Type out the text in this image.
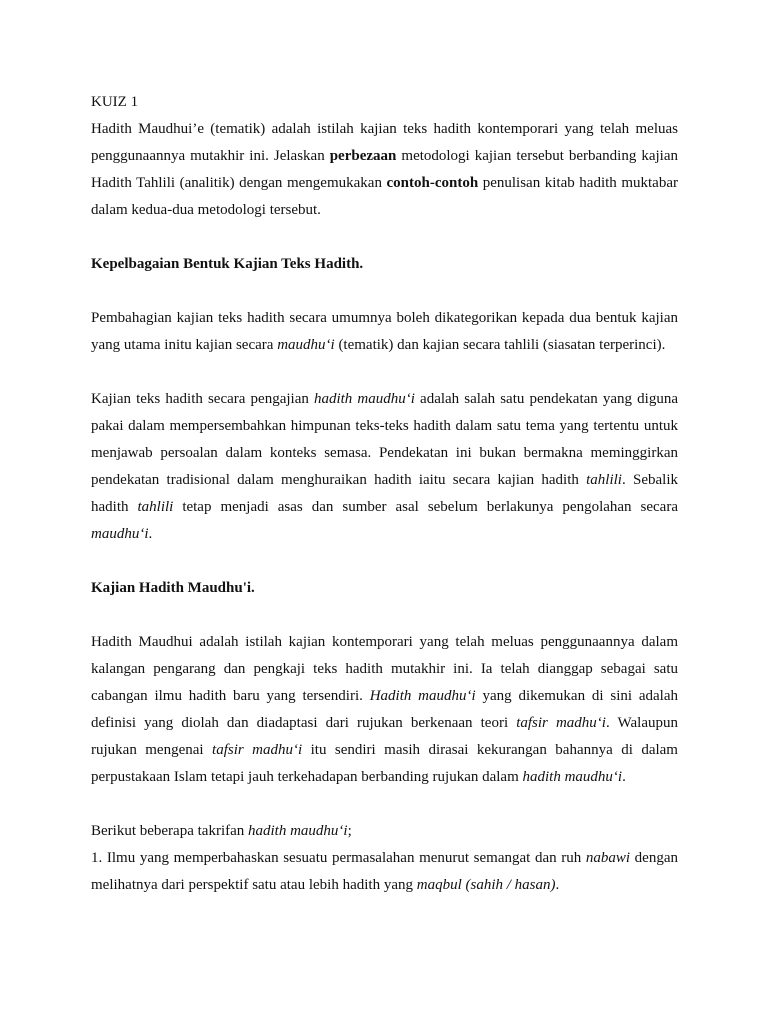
KUIZ 1

Hadith Maudhui’e (tematik) adalah istilah kajian teks hadith kontemporari yang telah meluas penggunaannya mutakhir ini. Jelaskan perbezaan metodologi kajian tersebut berbanding kajian Hadith Tahlili (analitik) dengan mengemukakan contoh-contoh penulisan kitab hadith muktabar dalam kedua-dua metodologi tersebut.

Kepelbagaian Bentuk Kajian Teks Hadith.

Pembahagian kajian teks hadith secara umumnya boleh dikategorikan kepada dua bentuk kajian yang utama initu kajian secara maudhu‘i (tematik) dan kajian secara tahlili (siasatan terperinci).

Kajian teks hadith secara pengajian hadith maudhu‘i adalah salah satu pendekatan yang diguna pakai dalam mempersembahkan himpunan teks-teks hadith dalam satu tema yang tertentu untuk menjawab persoalan dalam konteks semasa. Pendekatan ini bukan bermakna meminggirkan pendekatan tradisional dalam menghuraikan hadith iaitu secara kajian hadith tahlili. Sebalik hadith tahlili tetap menjadi asas dan sumber asal sebelum berlakunya pengolahan secara maudhu‘i.

Kajian Hadith Maudhu'i.

Hadith Maudhui adalah istilah kajian kontemporari yang telah meluas penggunaannya dalam kalangan pengarang dan pengkaji teks hadith mutakhir ini. Ia telah dianggap sebagai satu cabangan ilmu hadith baru yang tersendiri. Hadith maudhu‘i yang dikemukan di sini adalah definisi yang diolah dan diadaptasi dari rujukan berkenaan teori tafsir madhu‘i. Walaupun rujukan mengenai tafsir madhu‘i itu sendiri masih dirasai kekurangan bahannya di dalam perpustakaan Islam tetapi jauh terkehadapan berbanding rujukan dalam hadith maudhu‘i.

Berikut beberapa takrifan hadith maudhu‘i;

1. Ilmu yang memperbahaskan sesuatu permasalahan menurut semangat dan ruh nabawi dengan melihatnya dari perspektif satu atau lebih hadith yang maqbul (sahih / hasan).
